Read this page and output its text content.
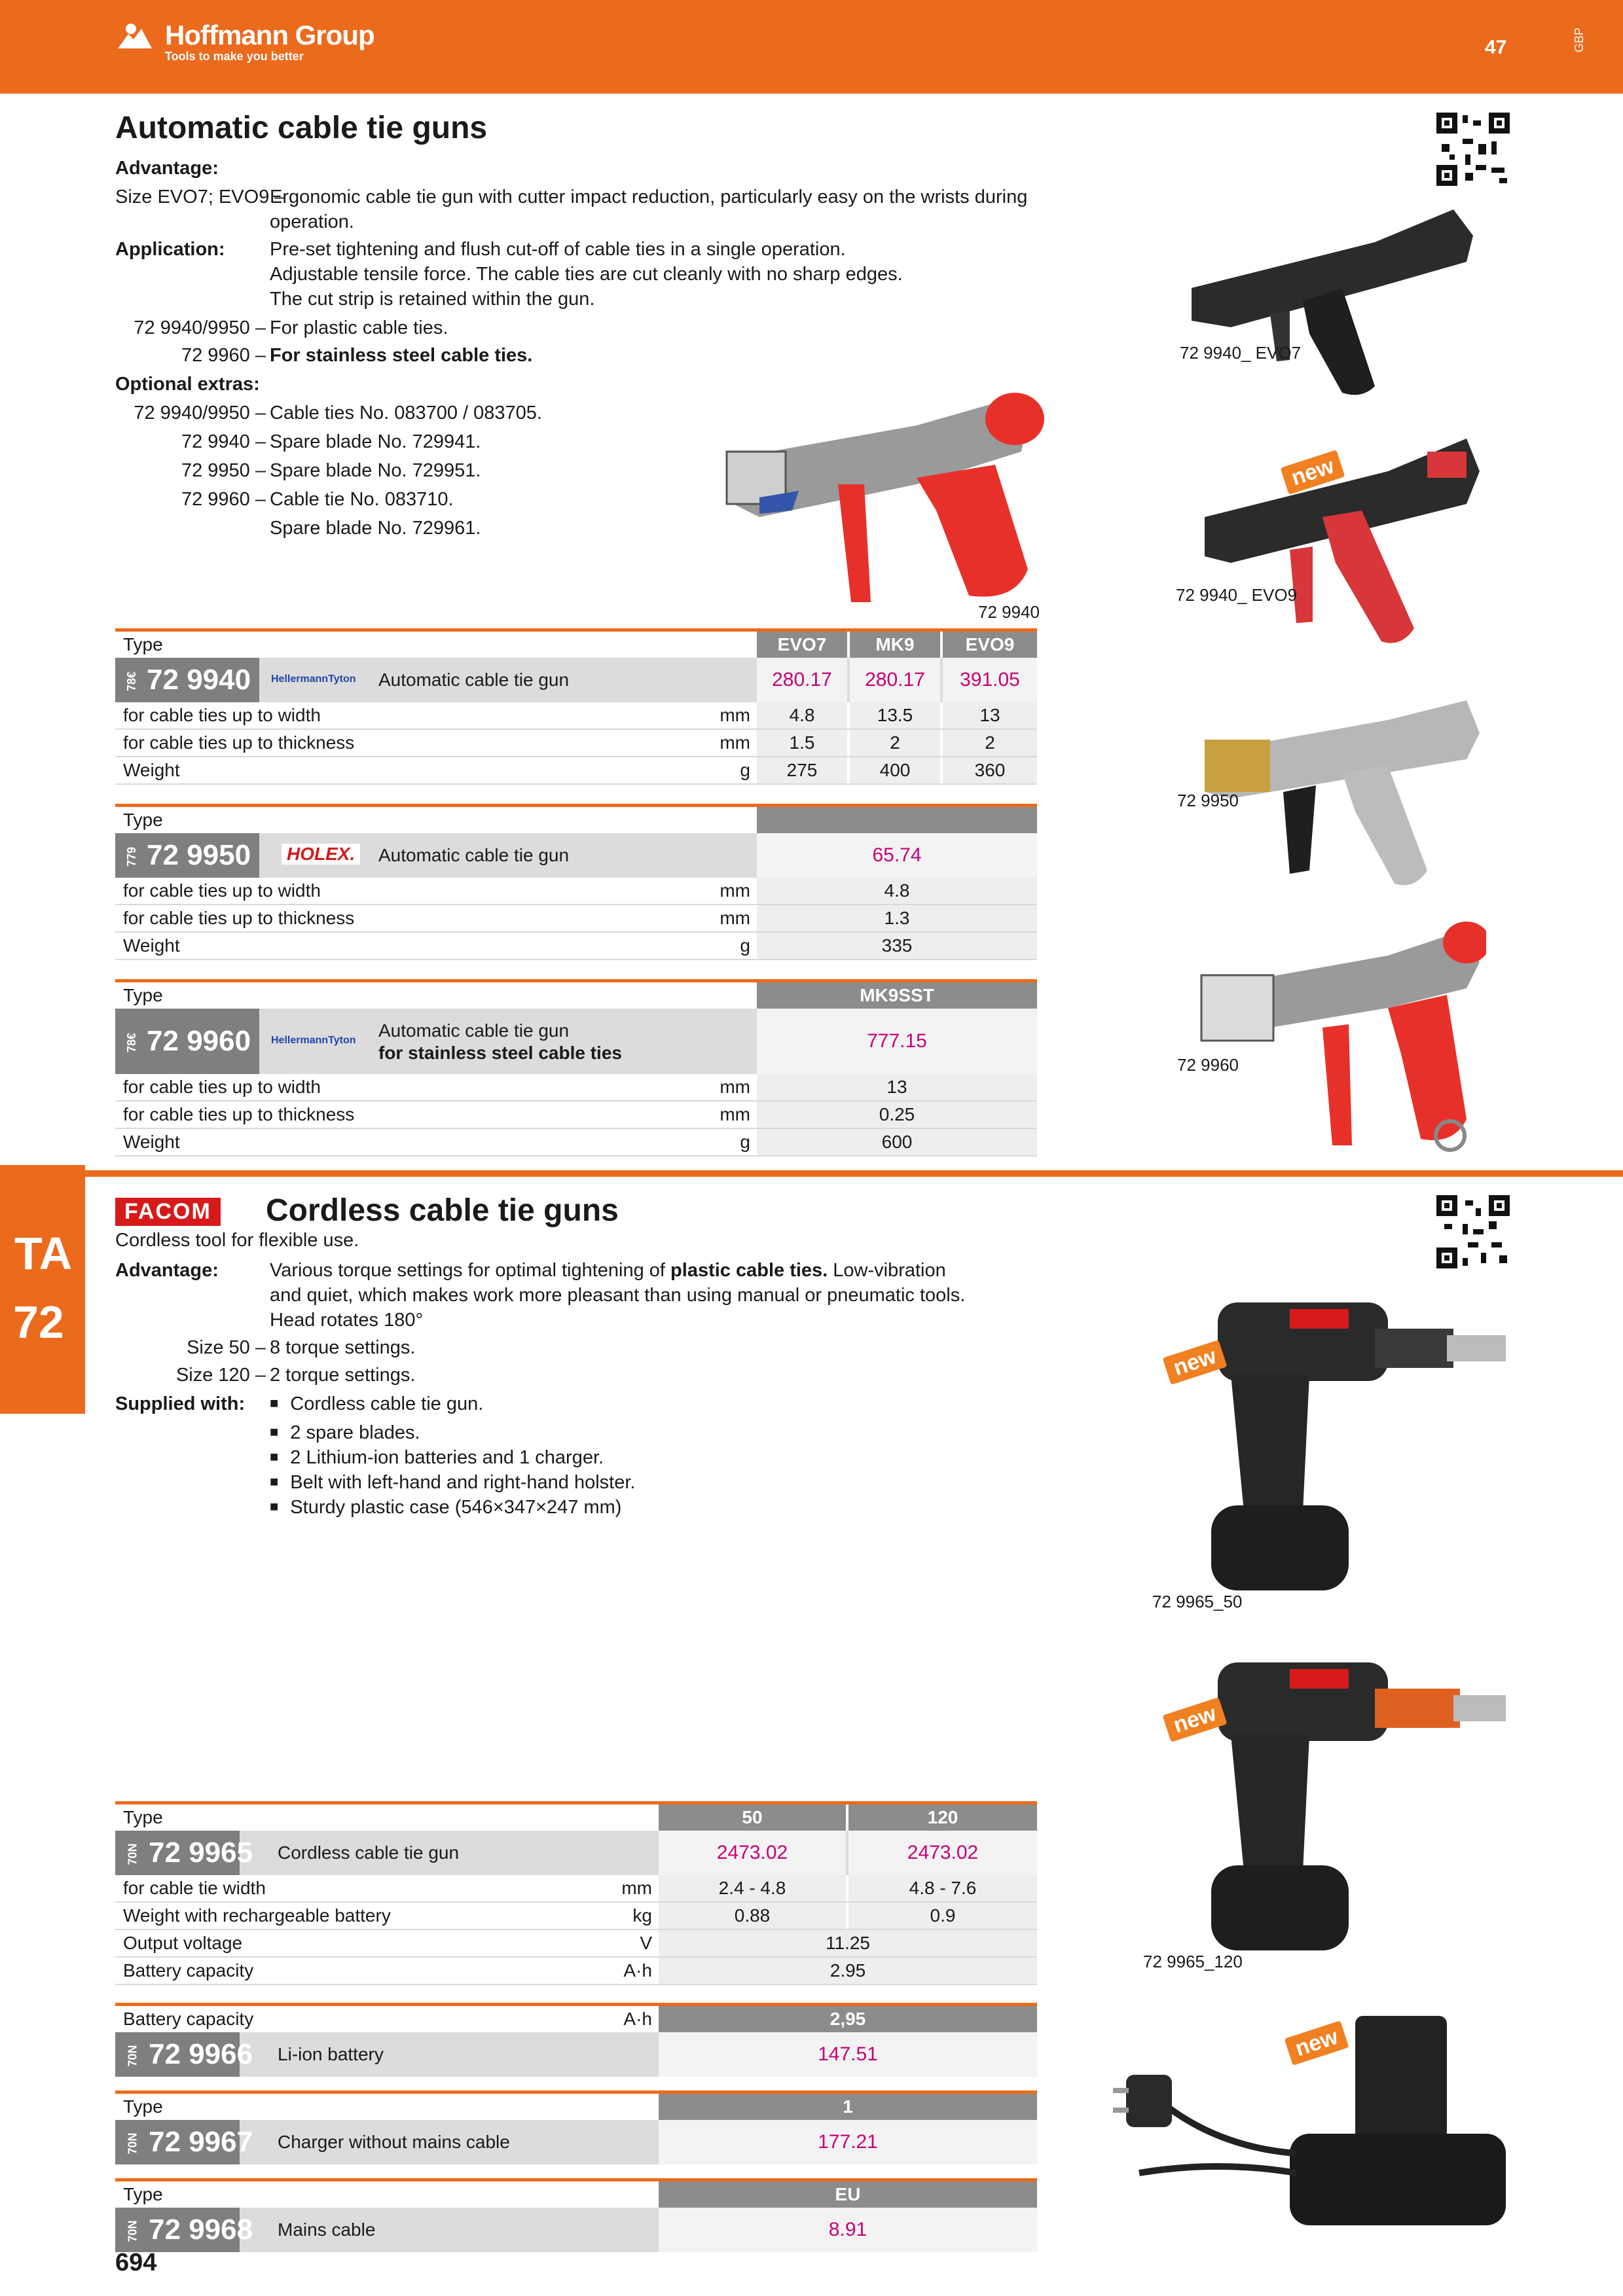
Hoffmann Group
Tools to make you better	47	GBP
Automatic cable tie guns
Advantage:
Size EVO7; EVO9 –
Ergonomic cable tie gun with cutter impact reduction, particularly easy on the wrists during
operation.
Application: Pre-set tightening and flush cut-off of cable ties in a single operation.
Adjustable tensile force. The cable ties are cut cleanly with no sharp edges.
The cut strip is retained within the gun.
72 9940/9950 – For plastic cable ties.
72 9960 – For stainless steel cable ties.
Optional extras:
72 9940/9950 – Cable ties No. 083700 / 083705.
72 9940 – Spare blade No. 729941.
72 9950 – Spare blade No. 729951.
72 9960 – Cable tie No. 083710.
Spare blade No. 729961.
72 9940
72 9940_ EVO7
new
72 9940_ EVO9
72 9950
72 9960
Type	EVO7	MK9	EVO9
78€ 72 9940 HellermannTyton Automatic cable tie gun	280.17	280.17	391.05
for cable ties up to width	mm	4.8	13.5	13
for cable ties up to thickness	mm	1.5	2	2
Weight	g	275	400	360
Type
779 72 9950 HOLEX. Automatic cable tie gun	65.74
for cable ties up to width	mm	4.8
for cable ties up to thickness	mm	1.3
Weight	g	335
Type	MK9SST
78€ 72 9960 HellermannTyton Automatic cable tie gun
for stainless steel cable ties
777.15
for cable ties up to width	mm	13
for cable ties up to thickness	mm	0.25
Weight	g	600
TA
72
FACOM Cordless cable tie guns
Cordless tool for flexible use.
Advantage:	Various torque settings for optimal tightening of plastic cable ties. Low-vibration
and quiet, which makes work more pleasant than using manual or pneumatic tools.
Head rotates 180°
Size 50 – 8 torque settings.
Size 120 – 2 torque settings.
Supplied with:
■	Cordless cable tie gun.
■ 2 spare blades.
■ 2 Lithium-ion batteries and 1 charger.
■ Belt with left-hand and right-hand holster.
■ Sturdy plastic case (546×347×247 mm)
new
72 9965_50
new
72 9965_120
new
Type	50	120
70N 72 9965 Cordless cable tie gun	2473.02	2473.02
for cable tie width	mm	2.4 - 4.8	4.8 - 7.6
Weight with rechargeable battery	kg	0.88	0.9
Output voltage	V	11.25
Battery capacity	A·h	2.95
Battery capacity	A·h	2,95
70N 72 9966 Li-ion battery	147.51
Type	1
70N 72 9967 Charger without mains cable	177.21
Type	EU
70N 72 9968 Mains cable	8.91
694
